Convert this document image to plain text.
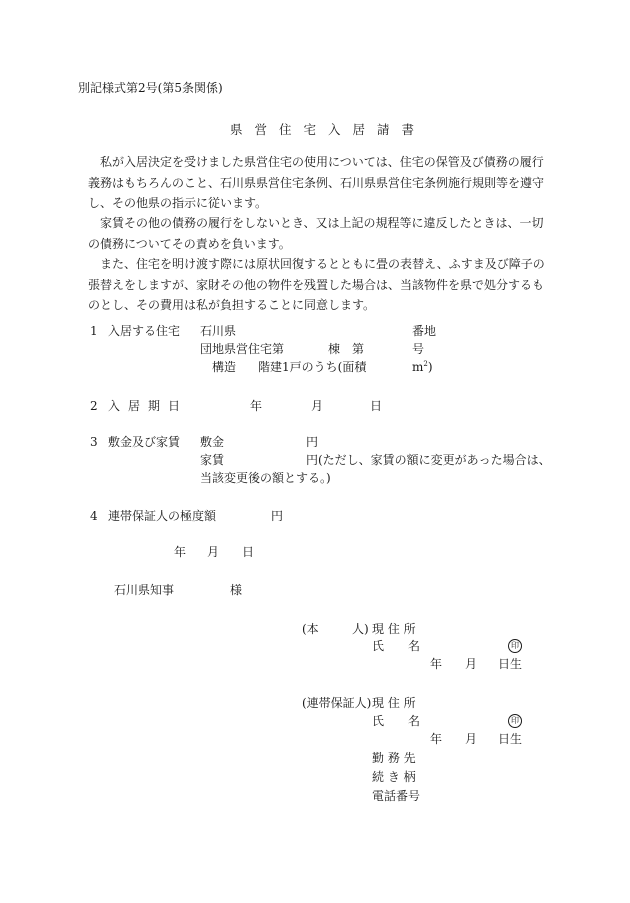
別記様式第2号(第5条関係)
県営住宅入居請書
　私が入居決定を受けました県営住宅の使用については、住宅の保管及び債務の履行義務はもちろんのこと、石川県県営住宅条例、石川県県営住宅条例施行規則等を遵守し、その他県の指示に従います。
　家賃その他の債務の履行をしないとき、又は上記の規程等に違反したときは、一切の債務についてその責めを負います。
　また、住宅を明け渡す際には原状回復するとともに畳の表替え、ふすま及び障子の張替えをしますが、家財その他の物件を残置した場合は、当該物件を県で処分するものとし、その費用は私が負担することに同意します。
1 入居する住宅 石川県	番地
団地県営住宅第	棟 第	号
構造 階建1戸のうち(面積	$m^2$)
2 入居期日	年	月	日
3 敷金及び家賃 敷金	円
家賃	円(ただし、家賃の額に変更があった場合は、
当該変更後の額とする。)
4 連帯保証人の極度額	円
年 月 日
石川県知事	様
(本	人) 現 住 所
氏　　名	印
年 月 日生
(連帯保証人) 現 住 所
氏　　名	印
年 月 日生
勤 務 先
続 き 柄
電話番号
